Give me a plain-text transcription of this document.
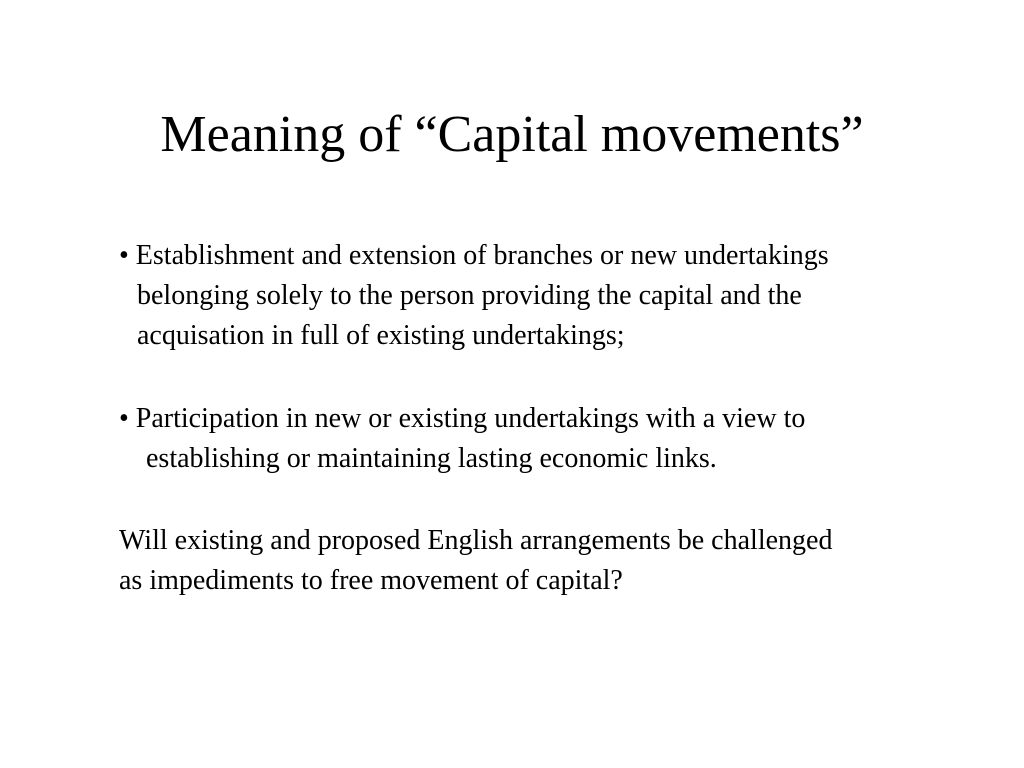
Meaning of “Capital movements”
• Establishment and extension of branches or new undertakings
belonging solely to the person providing the capital and the
acquisation in full of existing undertakings;
• Participation in new or existing undertakings with a view to
establishing or maintaining lasting economic links.
Will existing and proposed English arrangements be challenged
as impediments to free movement of capital?
